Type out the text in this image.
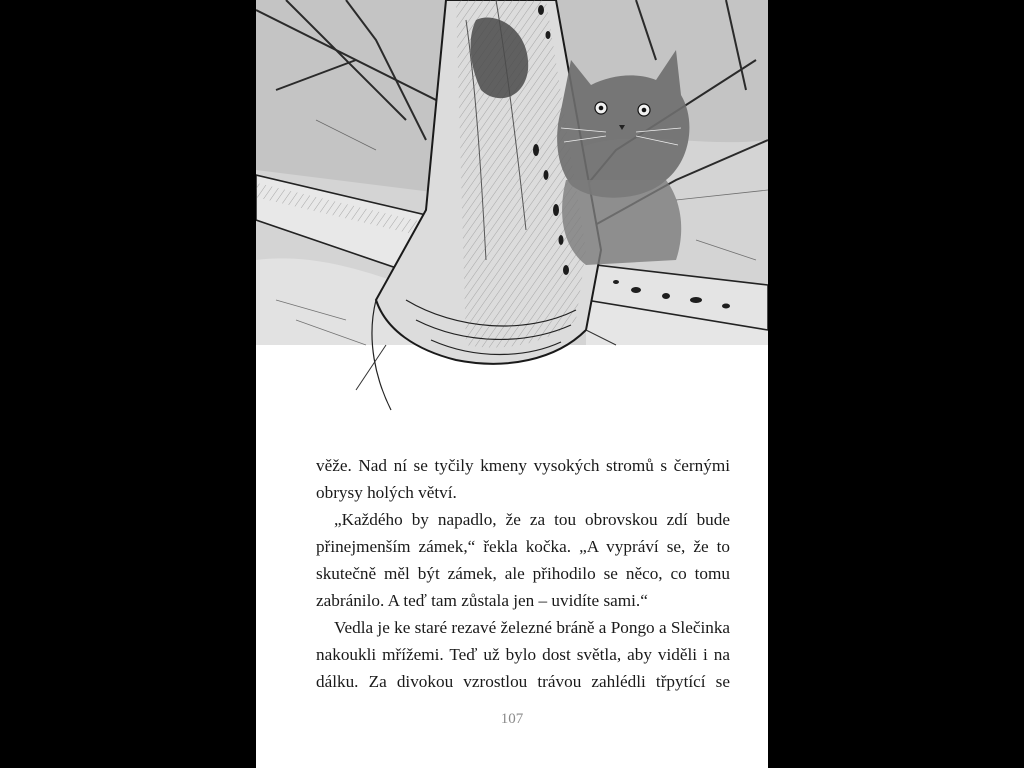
věže. Nad ní se tyčily kmeny vysokých stromů s černými
obrysy holých větví.

„Každého by napadlo, že za tou obrovskou zdí bude
přinejmenším zámek,“ řekla kočka. „A vypráví se, že to
skutečně měl být zámek, ale přihodilo se něco, co tomu
zabránilo. A teď tam zůstala jen – uvidíte sami.“

Vedla je ke staré rezavé železné bráně a Pongo a Slečinka
nakoukli mřížemi. Teď už bylo dost světla, aby viděli i na
dálku. Za divokou vzrostlou trávou zahlédli třpytící se

107
